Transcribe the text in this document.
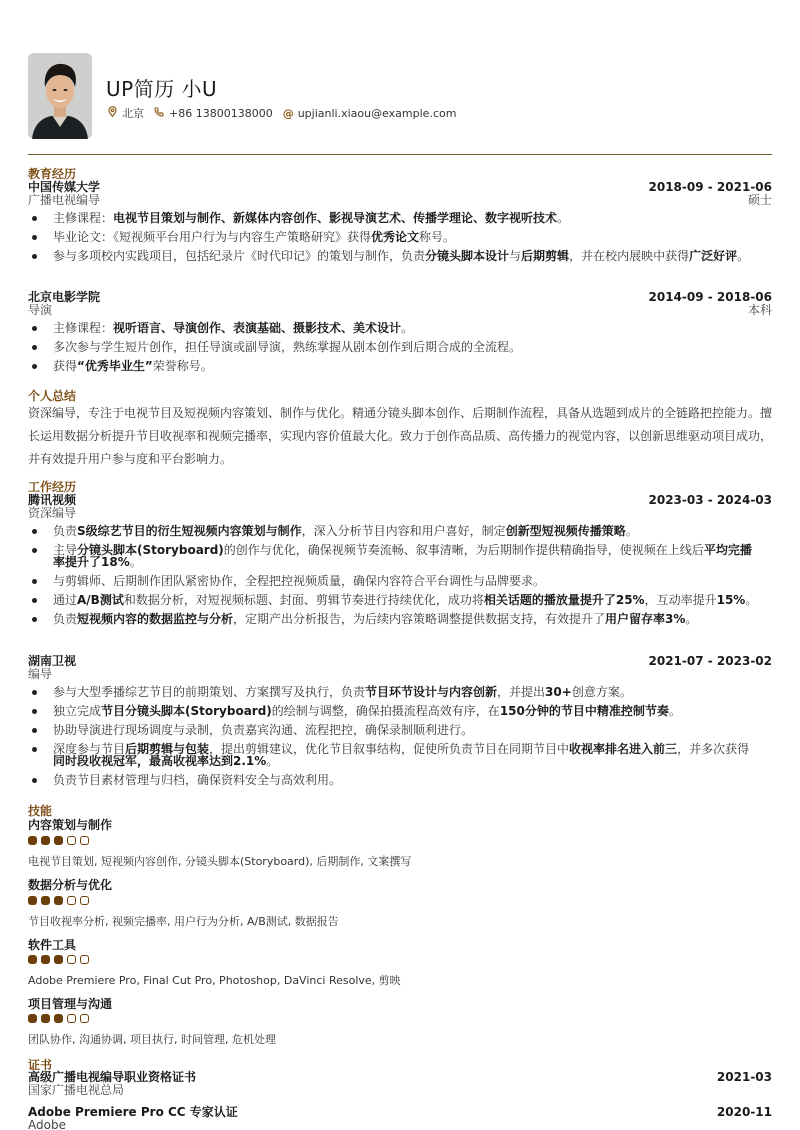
UP简历 小U
北京 +86 13800138000 @ upjianli.xiaou@example.com
教育经历
中国传媒大学
广播电视编导
2018-09 - 2021-06
硕士
主修课程：电视节目策划与制作、新媒体内容创作、影视导演艺术、传播学理论、数字视听技术。
毕业论文：《短视频平台用户行为与内容生产策略研究》获得优秀论文称号。
参与多项校内实践项目，包括纪录片《时代印记》的策划与制作，负责分镜头脚本设计与后期剪辑，并在校内展映中获得广泛好评。
北京电影学院
导演
2014-09 - 2018-06
本科
主修课程：视听语言、导演创作、表演基础、摄影技术、美术设计。
多次参与学生短片创作，担任导演或副导演，熟练掌握从剧本创作到后期合成的全流程。
获得“优秀毕业生”荣誉称号。
个人总结
资深编导，专注于电视节目及短视频内容策划、制作与优化。精通分镜头脚本创作、后期制作流程，具备从选题到成片的全链路把控能力。擅长运用数据分析提升节目收视率和视频完播率，实现内容价值最大化。致力于创作高品质、高传播力的视觉内容，以创新思维驱动项目成功，并有效提升用户参与度和平台影响力。
工作经历
腾讯视频
资深编导
2023-03 - 2024-03
负责S级综艺节目的衍生短视频内容策划与制作，深入分析节目内容和用户喜好，制定创新型短视频传播策略。
主导分镜头脚本(Storyboard)的创作与优化，确保视频节奏流畅、叙事清晰，为后期制作提供精确指导，使视频在上线后平均完播率提升了18%。
与剪辑师、后期制作团队紧密协作，全程把控视频质量，确保内容符合平台调性与品牌要求。
通过A/B测试和数据分析，对短视频标题、封面、剪辑节奏进行持续优化，成功将相关话题的播放量提升了25%，互动率提升15%。
负责短视频内容的数据监控与分析，定期产出分析报告，为后续内容策略调整提供数据支持，有效提升了用户留存率3%。
湖南卫视
编导
2021-07 - 2023-02
参与大型季播综艺节目的前期策划、方案撰写及执行，负责节目环节设计与内容创新，并提出30+创意方案。
独立完成节目分镜头脚本(Storyboard)的绘制与调整，确保拍摄流程高效有序，在150分钟的节目中精准控制节奏。
协助导演进行现场调度与录制，负责嘉宾沟通、流程把控，确保录制顺利进行。
深度参与节目后期剪辑与包装，提出剪辑建议，优化节目叙事结构，促使所负责节目在同期节目中收视率排名进入前三，并多次获得同时段收视冠军，最高收视率达到2.1%。
负责节目素材管理与归档，确保资料安全与高效利用。
技能
内容策划与制作
电视节目策划, 短视频内容创作, 分镜头脚本(Storyboard), 后期制作, 文案撰写
数据分析与优化
节目收视率分析, 视频完播率, 用户行为分析, A/B测试, 数据报告
软件工具
Adobe Premiere Pro, Final Cut Pro, Photoshop, DaVinci Resolve, 剪映
项目管理与沟通
团队协作, 沟通协调, 项目执行, 时间管理, 危机处理
证书
高级广播电视编导职业资格证书
国家广播电视总局
2021-03
Adobe Premiere Pro CC 专家认证
Adobe
2020-11
